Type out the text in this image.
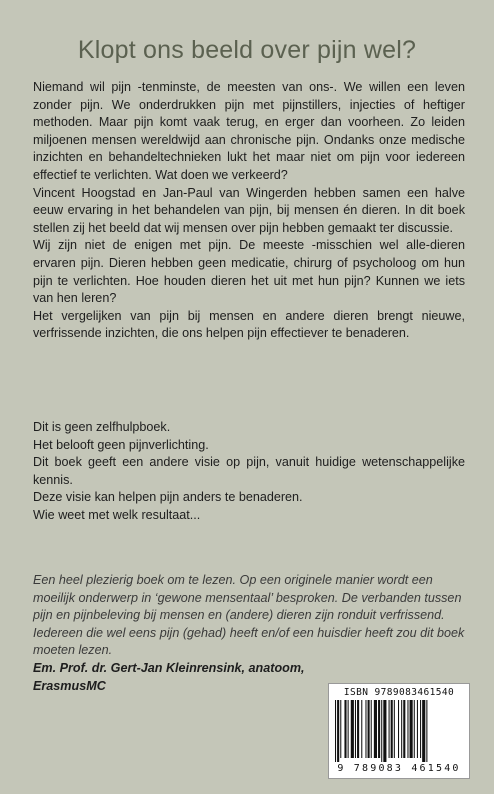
Klopt ons beeld over pijn wel?

Niemand wil pijn -tenminste, de meesten van ons-. We willen een leven zonder pijn. We onderdrukken pijn met pijnstillers, injecties of heftiger methoden. Maar pijn komt vaak terug, en erger dan voorheen. Zo leiden miljoenen mensen wereldwijd aan chronische pijn. Ondanks onze medische inzichten en behandeltechnieken lukt het maar niet om pijn voor iedereen effectief te verlichten. Wat doen we verkeerd?

Vincent Hoogstad en Jan-Paul van Wingerden hebben samen een halve eeuw ervaring in het behandelen van pijn, bij mensen én dieren. In dit boek stellen zij het beeld dat wij mensen over pijn hebben gemaakt ter discussie.

Wij zijn niet de enigen met pijn. De meeste -misschien wel alle-dieren ervaren pijn. Dieren hebben geen medicatie, chirurg of psycholoog om hun pijn te verlichten. Hoe houden dieren het uit met hun pijn? Kunnen we iets van hen leren?

Het vergelijken van pijn bij mensen en andere dieren brengt nieuwe, verfrissende inzichten, die ons helpen pijn effectiever te benaderen.

Dit is geen zelfhulpboek.

Het belooft geen pijnverlichting.

Dit boek geeft een andere visie op pijn, vanuit huidige wetenschappelijke kennis.

Deze visie kan helpen pijn anders te benaderen.

Wie weet met welk resultaat...

Een heel plezierig boek om te lezen. Op een originele manier wordt een moeilijk onderwerp in ‘gewone mensentaal’ besproken. De verbanden tussen pijn en pijnbeleving bij mensen en (andere) dieren zijn ronduit verfrissend. Iedereen die wel eens pijn (gehad) heeft en/of een huisdier heeft zou dit boek moeten lezen.

Em. Prof. dr. Gert-Jan Kleinrensink, anatoom, ErasmusMC	ISBN 9789083461540
9 789083 461540
